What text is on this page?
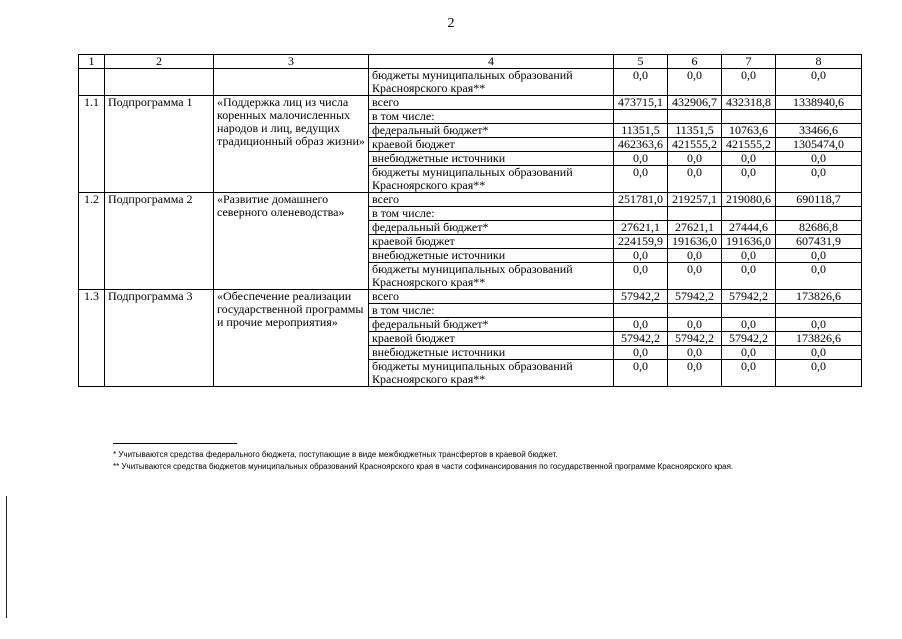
2
1	2	3	4	5	6	7	8
			бюджеты муниципальных образований Красноярского края**	0,0	0,0	0,0	0,0
1.1	Подпрограмма 1	«Поддержка лиц из числа коренных малочисленных народов и лиц, ведущих традиционный образ жизни»	всего	473715,1	432906,7	432318,8	1338940,6
			в том числе:				
			федеральный бюджет*	11351,5	11351,5	10763,6	33466,6
			краевой бюджет	462363,6	421555,2	421555,2	1305474,0
			внебюджетные источники	0,0	0,0	0,0	0,0
			бюджеты муниципальных образований Красноярского края**	0,0	0,0	0,0	0,0
1.2	Подпрограмма 2	«Развитие домашнего северного оленеводства»	всего	251781,0	219257,1	219080,6	690118,7
			в том числе:				
			федеральный бюджет*	27621,1	27621,1	27444,6	82686,8
			краевой бюджет	224159,9	191636,0	191636,0	607431,9
			внебюджетные источники	0,0	0,0	0,0	0,0
			бюджеты муниципальных образований Красноярского края**	0,0	0,0	0,0	0,0
1.3	Подпрограмма 3	«Обеспечение реализации государственной программы и прочие мероприятия»	всего	57942,2	57942,2	57942,2	173826,6
			в том числе:				
			федеральный бюджет*	0,0	0,0	0,0	0,0
			краевой бюджет	57942,2	57942,2	57942,2	173826,6
			внебюджетные источники	0,0	0,0	0,0	0,0
			бюджеты муниципальных образований Красноярского края**	0,0	0,0	0,0	0,0
* Учитываются средства федерального бюджета, поступающие в виде межбюджетных трансфертов в краевой бюджет.
** Учитываются средства бюджетов муниципальных образований Красноярского края в части софинансирования по государственной программе Красноярского края.
